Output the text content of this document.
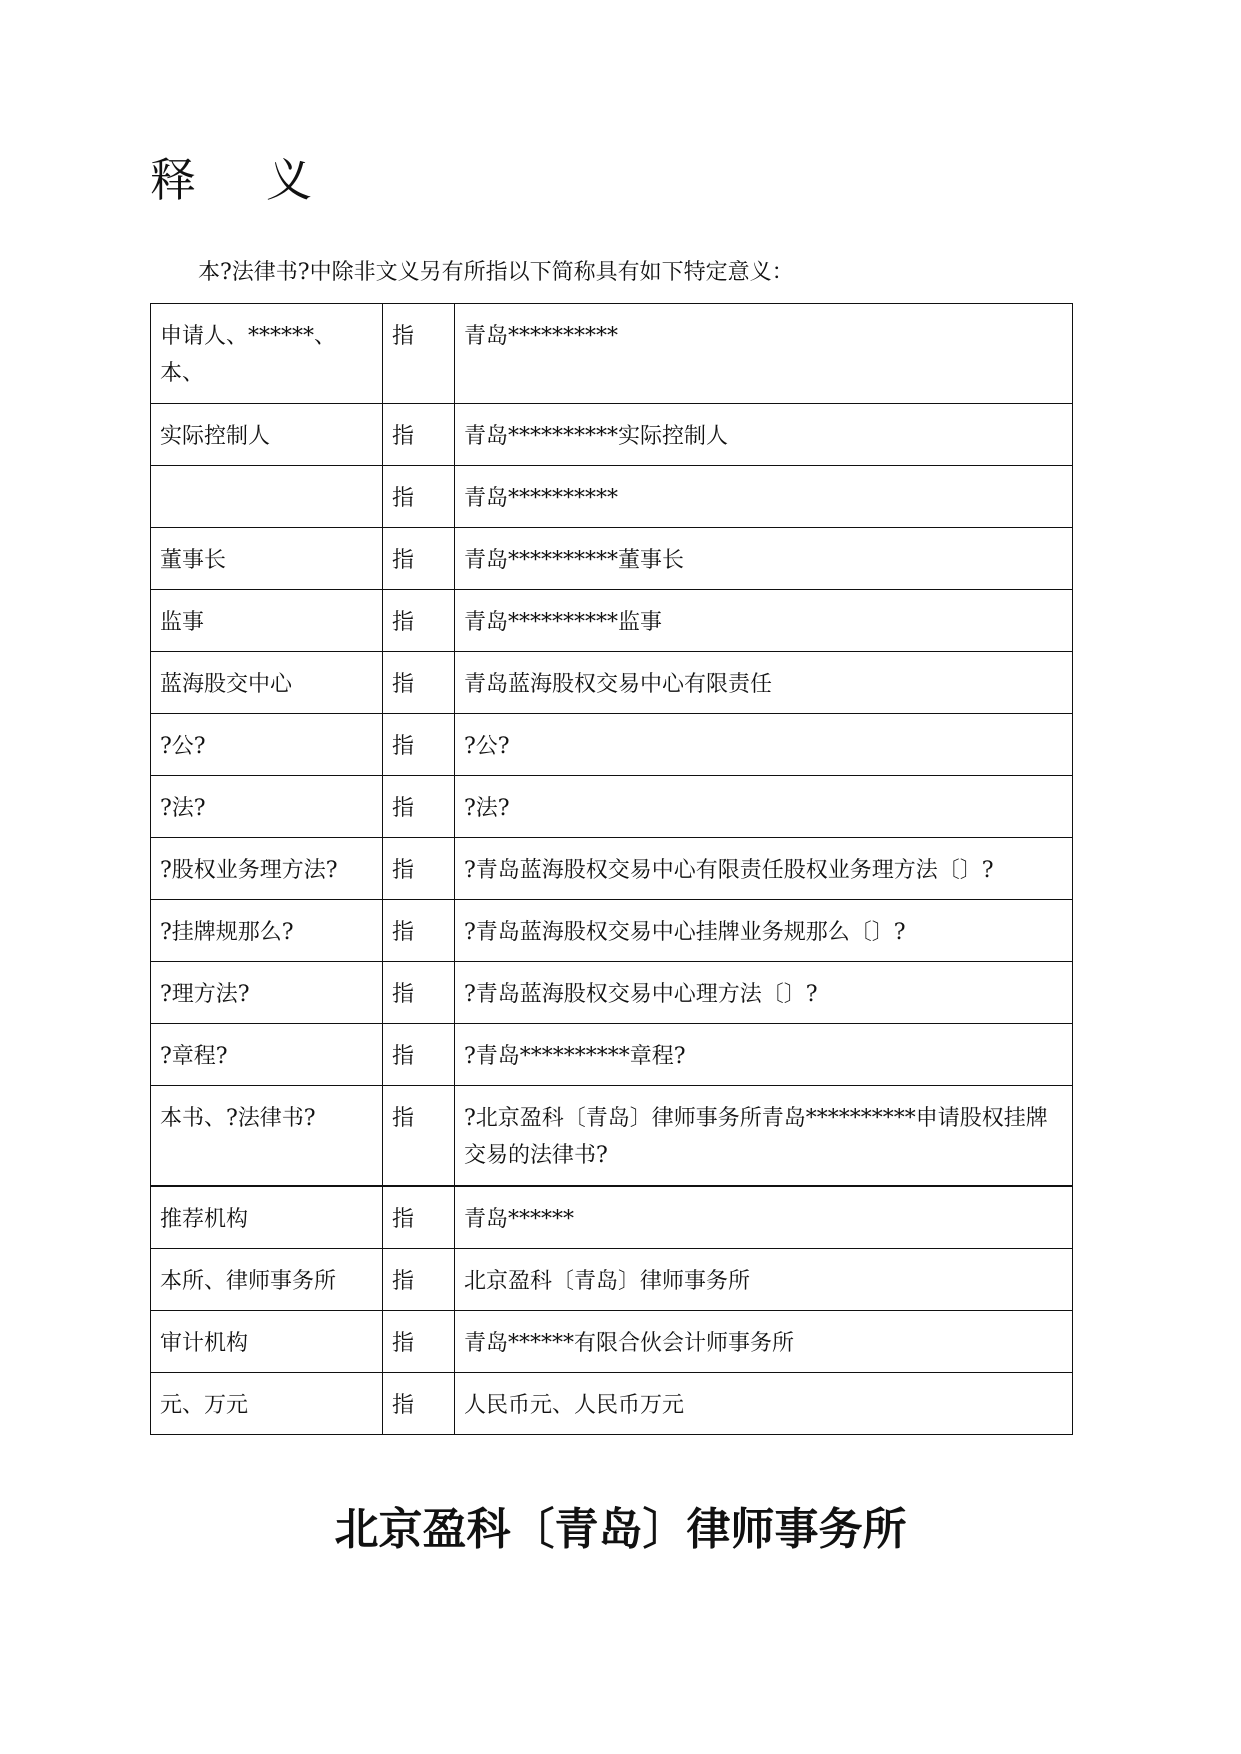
释 义
本?法律书?中除非文义另有所指以下简称具有如下特定意义：
申请人、******、本、	指	青岛**********
实际控制人	指	青岛**********实际控制人
	指	青岛**********
董事长	指	青岛**********董事长
监事	指	青岛**********监事
蓝海股交中心	指	青岛蓝海股权交易中心有限责任
?公?	指	?公?
?法?	指	?法?
?股权业务理方法?	指	?青岛蓝海股权交易中心有限责任股权业务理方法〔〕?
?挂牌规那么?	指	?青岛蓝海股权交易中心挂牌业务规那么〔〕?
?理方法?	指	?青岛蓝海股权交易中心理方法〔〕?
?章程?	指	?青岛**********章程?
本书、?法律书?	指	?北京盈科〔青岛〕律师事务所青岛**********申请股权挂牌交易的法律书?
推荐机构	指	青岛******
本所、律师事务所	指	北京盈科〔青岛〕律师事务所
审计机构	指	青岛******有限合伙会计师事务所
元、万元	指	人民币元、人民币万元
北京盈科〔青岛〕律师事务所
